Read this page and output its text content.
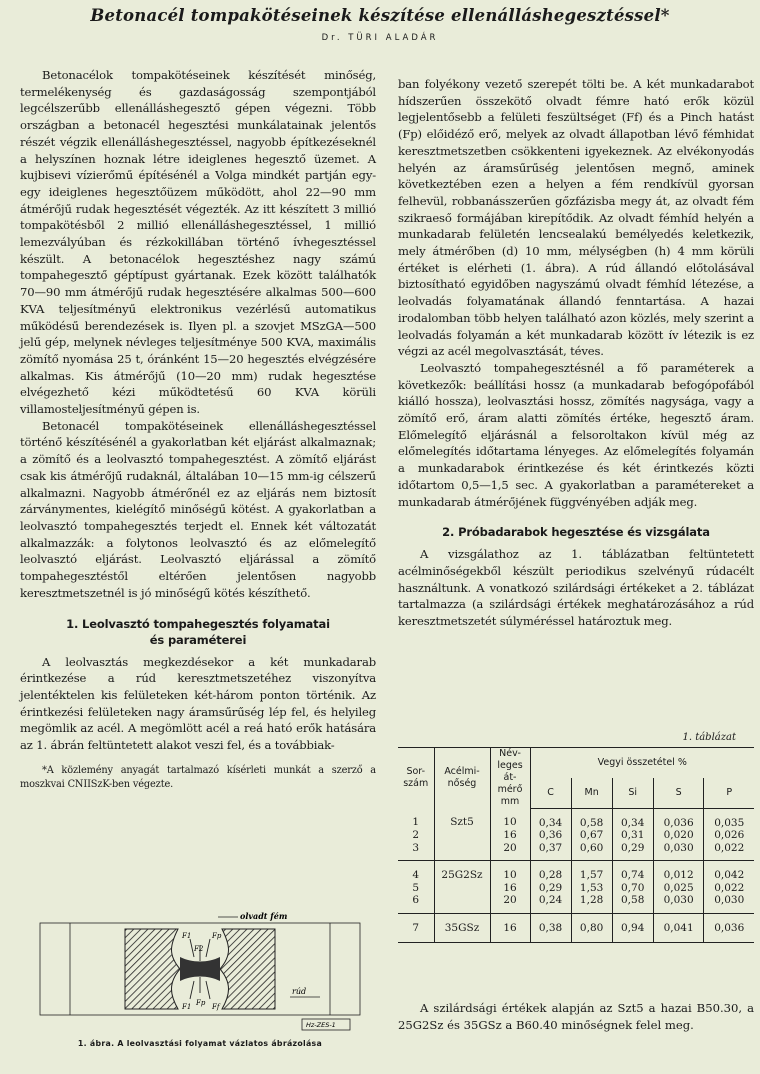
Betonacél tompakötéseinek készítése ellenálláshegesztéssel*
Dr. TÜRI ALADÁR

Betonacélok tompakötéseinek készítését minőség, termelékenység és gazdaságosság szempontjából legcélszerűbb ellenálláshegesztő gépen végezni. Több országban a betonacél hegesztési munkálatainak jelentős részét végzik ellenálláshegesztéssel, nagyobb építkezéseknél a helyszínen hoznak létre ideiglenes hegesztő üzemet. A kujbisevi vízierőmű építésénél a Volga mindkét partján egy-egy ideiglenes hegesztőüzem működött, ahol 22—90 mm átmérőjű rudak hegesztését végezték. Az itt készített 3 millió tompakötésből 2 millió ellenálláshegesztéssel, 1 millió lemezvályúban és rézkokillában történő ívhegesztéssel készült. A betonacélok hegesztéshez nagy számú tompahegesztő géptípust gyártanak. Ezek között találhatók 70—90 mm átmérőjű rudak hegesztésére alkalmas 500—600 KVA teljesítményű elektronikus vezérlésű automatikus működésű berendezések is. Ilyen pl. a szovjet MSzGA—500 jelű gép, melynek névleges teljesítménye 500 KVA, maximális zömítő nyomása 25 t, óránként 15—20 hegesztés elvégzésére alkalmas. Kis átmérőjű (10—20 mm) rudak hegesztése elvégezhető kézi működtetésű 60 KVA körüli villamosteljesítményű gépen is.

Betonacél tompakötéseinek ellenálláshegesztéssel történő készítésénél a gyakorlatban két eljárást alkalmaznak; a zömítő és a leolvasztó tompahegesztést. A zömítő eljárást csak kis átmérőjű rudaknál, általában 10—15 mm-ig célszerű alkalmazni. Nagyobb átmérőnél ez az eljárás nem biztosít zárványmentes, kielégítő minőségű kötést. A gyakorlatban a leolvasztó tompahegesztés terjedt el. Ennek két változatát alkalmazzák: a folytonos leolvasztó és az előmelegítő leolvasztó eljárást. Leolvasztó eljárással a zömítő tompahegesztéstől eltérően jelentősen nagyobb keresztmetszetnél is jó minőségű kötés készíthető.

1. Leolvasztó tompahegesztés folyamatai
és paraméterei

A leolvasztás megkezdésekor a két munkadarab érintkezése a rúd keresztmetszetéhez viszonyítva jelentéktelen kis felületeken két-három ponton történik. Az érintkezési felületeken nagy áramsűrűség lép fel, és helyileg megömlik az acél. A megömlött acél a reá ható erők hatására az 1. ábrán feltüntetett alakot veszi fel, és a továbbiak-

*A közlemény anyagát tartalmazó kísérleti munkát a szerző a moszkvai CNIISzK-ben végezte.

F1
F2
Fp
F1 Fp Ff
olvadt fém
rúd
Hz-ZES-1
1. ábra. A leolvasztási folyamat vázlatos ábrázolása

ban folyékony vezető szerepét tölti be. A két munkadarabot hídszerűen összekötő olvadt fémre ható erők közül legjelentősebb a felületi feszültséget (Ff) és a Pinch hatást (Fp) előidéző erő, melyek az olvadt állapotban lévő fémhidat keresztmetszetben csökkenteni igyekeznek. Az elvékonyodás helyén az áramsűrűség jelentősen megnő, aminek következtében ezen a helyen a fém rendkívül gyorsan felhevül, robbanásszerűen gőzfázisba megy át, az olvadt fém szikraeső formájában kirepítődik. Az olvadt fémhíd helyén a munkadarab felületén lencsealakú bemélyedés keletkezik, mely átmérőben (d) 10 mm, mélységben (h) 4 mm körüli értéket is elérheti (1. ábra). A rúd állandó előtolásával biztosítható egyidőben nagyszámú olvadt fémhíd létezése, a leolvadás folyamatának állandó fenntartása. A hazai irodalomban több helyen található azon közlés, mely szerint a leolvadás folyamán a két munkadarab között ív létezik is ez végzi az acél megolvasztását, téves.

Leolvasztó tompahegesztésnél a fő paraméterek a következők: beállítási hossz (a munkadarab befogópofából kiálló hossza), leolvasztási hossz, zömítés nagysága, vagy a zömítő erő, áram alatti zömítés értéke, hegesztő áram. Előmelegítő eljárásnál a felsoroltakon kívül még az előmelegítés időtartama lényeges. Az előmelegítés folyamán a munkadarabok érintkezése és két érintkezés közti időtartom 0,5—1,5 sec. A gyakorlatban a paramétereket a munkadarab átmérőjének függvényében adják meg.

2. Próbadarabok hegesztése és vizsgálata

A vizsgálathoz az 1. táblázatban feltüntetett acélminőségekből készült periodikus szelvényű rúdacélt használtunk. A vonatkozó szilárdsági értékeket a 2. táblázat tartalmazza (a szilárdsági értékek meghatározásához a rúd keresztmetszetét súlyméréssel határoztuk meg.

1. táblázat
Sor-szám	Acélmi-nőség	Név-leges át-mérő mm	Vegyi összetétel %				
			C	Mn	Si	S	P
1	Szt5	10	0,34	0,58	0,34	0,036	0,035
2		16	0,36	0,67	0,31	0,020	0,026
3		20	0,37	0,60	0,29	0,030	0,022
4	25G2Sz	10	0,28	1,57	0,74	0,012	0,042
5		16	0,29	1,53	0,70	0,025	0,022
6		20	0,24	1,28	0,58	0,030	0,030
7	35GSz	16	0,38	0,80	0,94	0,041	0,036

A szilárdsági értékek alapján az Szt5 a hazai B50.30, a 25G2Sz és 35GSz a B60.40 minőségnek felel meg.
